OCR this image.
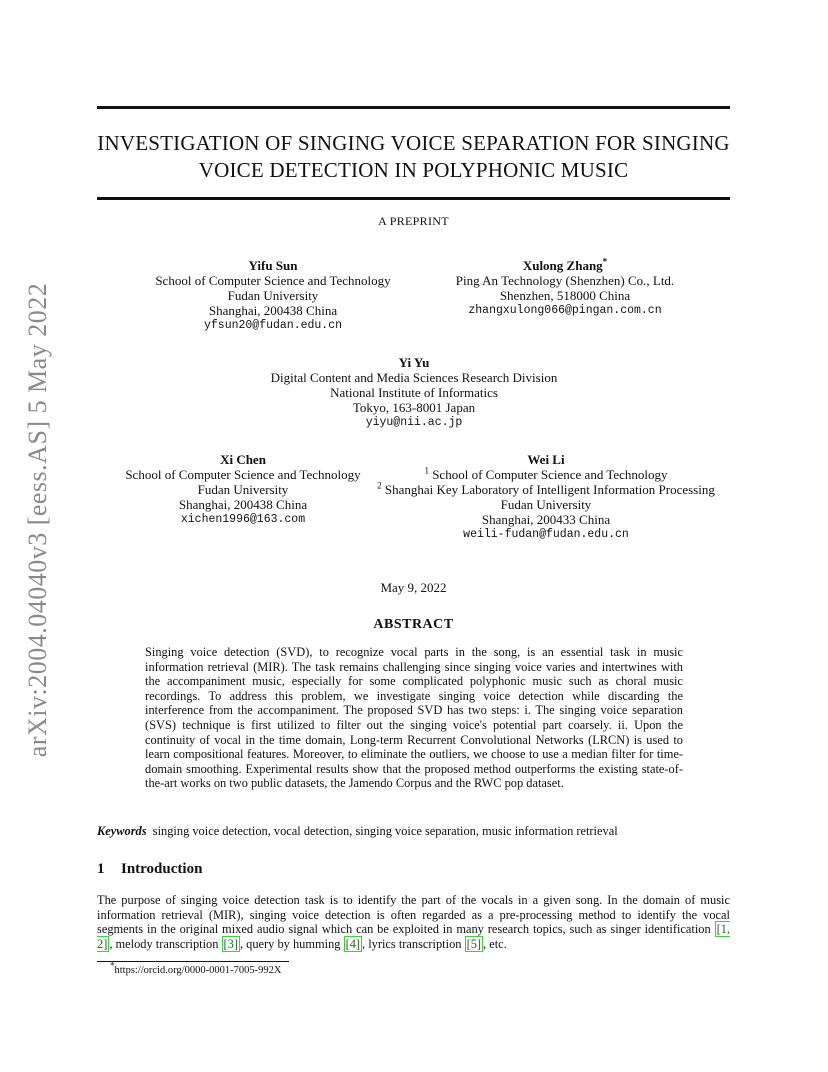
arXiv:2004.04040v3 [eess.AS] 5 May 2022
INVESTIGATION OF SINGING VOICE SEPARATION FOR SINGING
VOICE DETECTION IN POLYPHONIC MUSIC
A PREPRINT
Yifu Sun
School of Computer Science and Technology
Fudan University
Shanghai, 200438 China
yfsun20@fudan.edu.cn
Xulong Zhang*
Ping An Technology (Shenzhen) Co., Ltd.
Shenzhen, 518000 China
zhangxulong066@pingan.com.cn
Yi Yu
Digital Content and Media Sciences Research Division
National Institute of Informatics
Tokyo, 163-8001 Japan
yiyu@nii.ac.jp
Xi Chen
School of Computer Science and Technology
Fudan University
Shanghai, 200438 China
xichen1996@163.com
Wei Li
$^1$ School of Computer Science and Technology
$^2$ Shanghai Key Laboratory of Intelligent Information Processing
Fudan University
Shanghai, 200433 China
weili-fudan@fudan.edu.cn
May 9, 2022
ABSTRACT
Singing voice detection (SVD), to recognize vocal parts in the song, is an essential task in music information retrieval (MIR). The task remains challenging since singing voice varies and intertwines with the accompaniment music, especially for some complicated polyphonic music such as choral music recordings. To address this problem, we investigate singing voice detection while discarding the interference from the accompaniment. The proposed SVD has two steps: i. The singing voice separation (SVS) technique is first utilized to filter out the singing voice's potential part coarsely. ii. Upon the continuity of vocal in the time domain, Long-term Recurrent Convolutional Networks (LRCN) is used to learn compositional features. Moreover, to eliminate the outliers, we choose to use a median filter for time-domain smoothing. Experimental results show that the proposed method outperforms the existing state-of-the-art works on two public datasets, the Jamendo Corpus and the RWC pop dataset.
Keywords singing voice detection, vocal detection, singing voice separation, music information retrieval
1 Introduction
The purpose of singing voice detection task is to identify the part of the vocals in a given song. In the domain of music information retrieval (MIR), singing voice detection is often regarded as a pre-processing method to identify the vocal segments in the original mixed audio signal which can be exploited in many research topics, such as singer identification [1, 2] , melody transcription [3] , query by humming [4] , lyrics transcription [5] , etc.
*https://orcid.org/0000-0001-7005-992X
